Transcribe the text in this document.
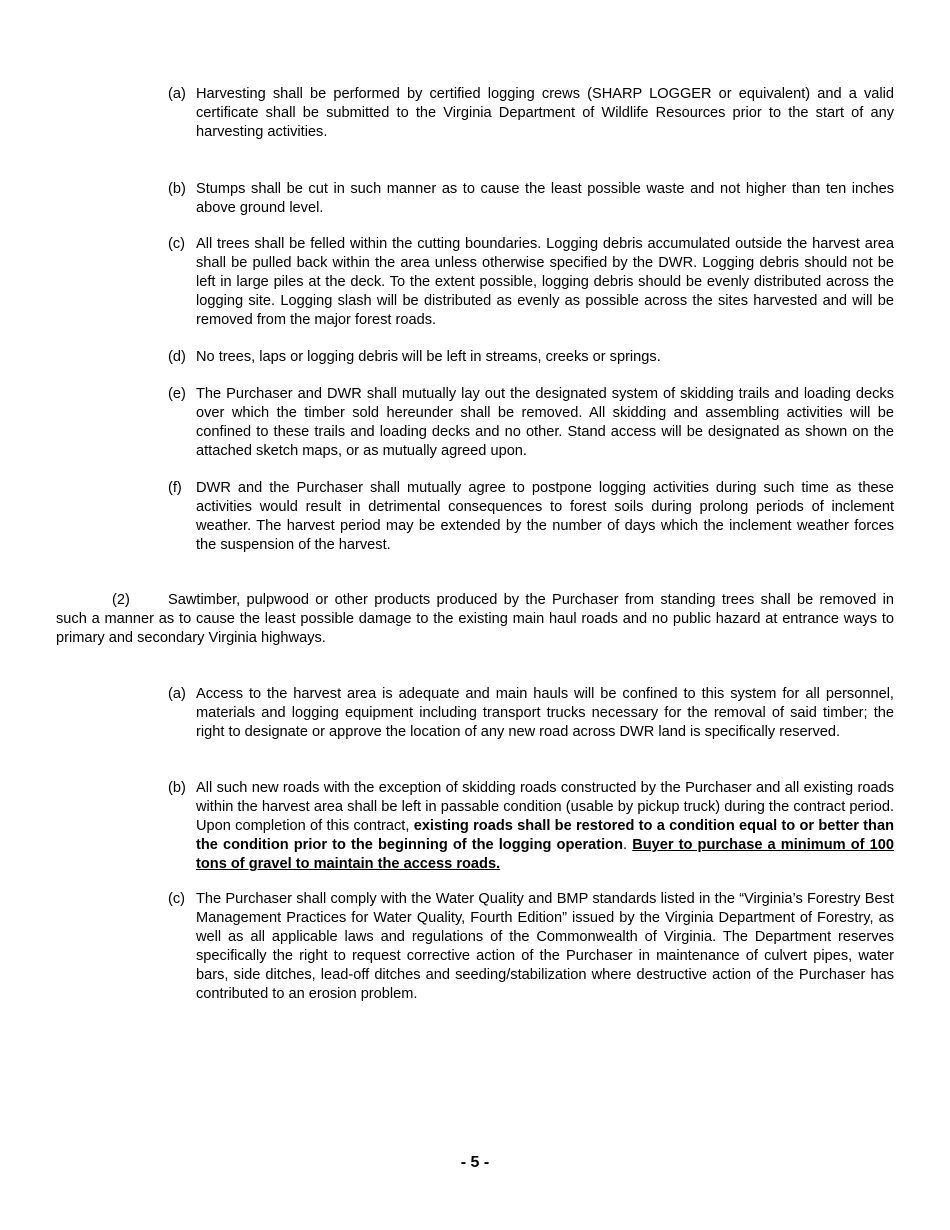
(a) Harvesting shall be performed by certified logging crews (SHARP LOGGER or equivalent) and a valid certificate shall be submitted to the Virginia Department of Wildlife Resources prior to the start of any harvesting activities.
(b) Stumps shall be cut in such manner as to cause the least possible waste and not higher than ten inches above ground level.
(c) All trees shall be felled within the cutting boundaries. Logging debris accumulated outside the harvest area shall be pulled back within the area unless otherwise specified by the DWR. Logging debris should not be left in large piles at the deck. To the extent possible, logging debris should be evenly distributed across the logging site. Logging slash will be distributed as evenly as possible across the sites harvested and will be removed from the major forest roads.
(d) No trees, laps or logging debris will be left in streams, creeks or springs.
(e) The Purchaser and DWR shall mutually lay out the designated system of skidding trails and loading decks over which the timber sold hereunder shall be removed. All skidding and assembling activities will be confined to these trails and loading decks and no other. Stand access will be designated as shown on the attached sketch maps, or as mutually agreed upon.
(f) DWR and the Purchaser shall mutually agree to postpone logging activities during such time as these activities would result in detrimental consequences to forest soils during prolong periods of inclement weather. The harvest period may be extended by the number of days which the inclement weather forces the suspension of the harvest.
(2)	Sawtimber, pulpwood or other products produced by the Purchaser from standing trees shall be removed in such a manner as to cause the least possible damage to the existing main haul roads and no public hazard at entrance ways to primary and secondary Virginia highways.
(a) Access to the harvest area is adequate and main hauls will be confined to this system for all personnel, materials and logging equipment including transport trucks necessary for the removal of said timber; the right to designate or approve the location of any new road across DWR land is specifically reserved.
(b) All such new roads with the exception of skidding roads constructed by the Purchaser and all existing roads within the harvest area shall be left in passable condition (usable by pickup truck) during the contract period. Upon completion of this contract, existing roads shall be restored to a condition equal to or better than the condition prior to the beginning of the logging operation. Buyer to purchase a minimum of 100 tons of gravel to maintain the access roads.
(c) The Purchaser shall comply with the Water Quality and BMP standards listed in the “Virginia’s Forestry Best Management Practices for Water Quality, Fourth Edition” issued by the Virginia Department of Forestry, as well as all applicable laws and regulations of the Commonwealth of Virginia. The Department reserves specifically the right to request corrective action of the Purchaser in maintenance of culvert pipes, water bars, side ditches, lead-off ditches and seeding/stabilization where destructive action of the Purchaser has contributed to an erosion problem.
- 5 -
